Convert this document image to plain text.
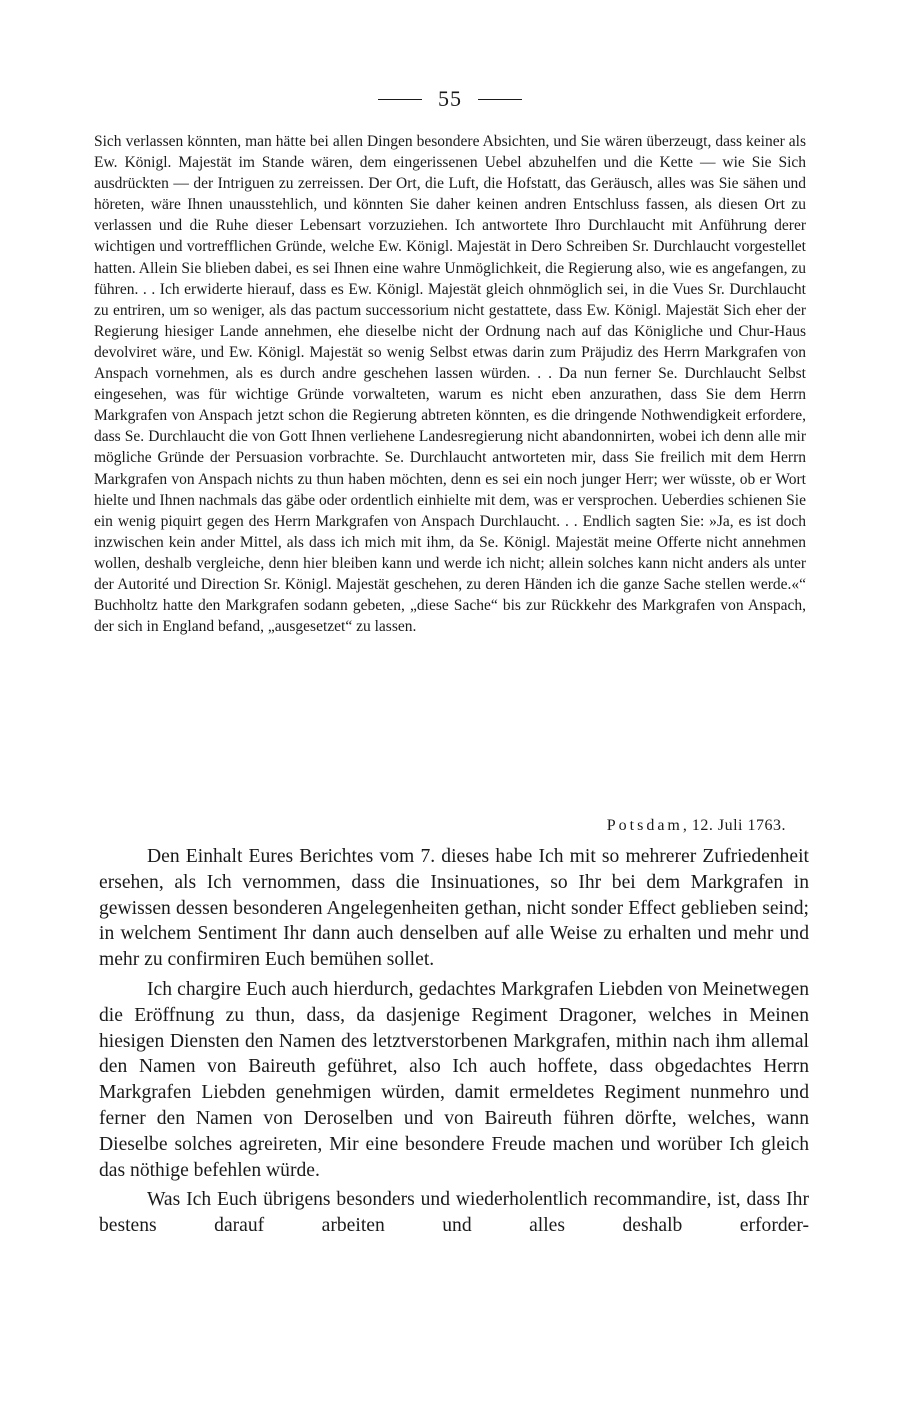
55

Sich verlassen könnten, man hätte bei allen Dingen besondere Absichten, und Sie wären überzeugt, dass keiner als Ew. Königl. Majestät im Stande wären, dem eingerissenen Uebel abzuhelfen und die Kette — wie Sie Sich ausdrückten — der Intriguen zu zerreissen. Der Ort, die Luft, die Hofstatt, das Geräusch, alles was Sie sähen und höreten, wäre Ihnen unausstehlich, und könnten Sie daher keinen andren Entschluss fassen, als diesen Ort zu verlassen und die Ruhe dieser Lebensart vorzuziehen. Ich antwortete Ihro Durchlaucht mit Anführung derer wichtigen und vortrefflichen Gründe, welche Ew. Königl. Majestät in Dero Schreiben Sr. Durchlaucht vorgestellet hatten. Allein Sie blieben dabei, es sei Ihnen eine wahre Unmöglichkeit, die Regierung also, wie es angefangen, zu führen. . . Ich erwiderte hierauf, dass es Ew. Königl. Majestät gleich ohnmöglich sei, in die Vues Sr. Durchlaucht zu entriren, um so weniger, als das pactum successorium nicht gestattete, dass Ew. Königl. Majestät Sich eher der Regierung hiesiger Lande annehmen, ehe dieselbe nicht der Ordnung nach auf das Königliche und Chur-Haus devolviret wäre, und Ew. Königl. Majestät so wenig Selbst etwas darin zum Präjudiz des Herrn Markgrafen von Anspach vornehmen, als es durch andre geschehen lassen würden. . . Da nun ferner Se. Durchlaucht Selbst eingesehen, was für wichtige Gründe vorwalteten, warum es nicht eben anzurathen, dass Sie dem Herrn Markgrafen von Anspach jetzt schon die Regierung abtreten könnten, es die dringende Nothwendigkeit erfordere, dass Se. Durchlaucht die von Gott Ihnen verliehene Landesregierung nicht abandonnirten, wobei ich denn alle mir mögliche Gründe der Persuasion vorbrachte. Se. Durchlaucht antworteten mir, dass Sie freilich mit dem Herrn Markgrafen von Anspach nichts zu thun haben möchten, denn es sei ein noch junger Herr; wer wüsste, ob er Wort hielte und Ihnen nachmals das gäbe oder ordentlich einhielte mit dem, was er versprochen. Ueberdies schienen Sie ein wenig piquirt gegen des Herrn Markgrafen von Anspach Durchlaucht. . . Endlich sagten Sie: »Ja, es ist doch inzwischen kein ander Mittel, als dass ich mich mit ihm, da Se. Königl. Majestät meine Offerte nicht annehmen wollen, deshalb vergleiche, denn hier bleiben kann und werde ich nicht; allein solches kann nicht anders als unter der Autorité und Direction Sr. Königl. Majestät geschehen, zu deren Händen ich die ganze Sache stellen werde.«“ Buchholtz hatte den Markgrafen sodann gebeten, „diese Sache“ bis zur Rückkehr des Markgrafen von Anspach, der sich in England befand, „ausgesetzet“ zu lassen.

Potsdam, 12. Juli 1763.

Den Einhalt Eures Berichtes vom 7. dieses habe Ich mit so mehrerer Zufriedenheit ersehen, als Ich vernommen, dass die Insinuationes, so Ihr bei dem Markgrafen in gewissen dessen besonderen Angelegenheiten gethan, nicht sonder Effect geblieben seind; in welchem Sentiment Ihr dann auch denselben auf alle Weise zu erhalten und mehr und mehr zu confirmiren Euch bemühen sollet.

Ich chargire Euch auch hierdurch, gedachtes Markgrafen Liebden von Meinetwegen die Eröffnung zu thun, dass, da dasjenige Regiment Dragoner, welches in Meinen hiesigen Diensten den Namen des letztverstorbenen Markgrafen, mithin nach ihm allemal den Namen von Baireuth geführet, also Ich auch hoffete, dass obgedachtes Herrn Markgrafen Liebden genehmigen würden, damit ermeldetes Regiment nunmehro und ferner den Namen von Deroselben und von Baireuth führen dörfte, welches, wann Dieselbe solches agreireten, Mir eine besondere Freude machen und worüber Ich gleich das nöthige befehlen würde.

Was Ich Euch übrigens besonders und wiederholentlich recommandire, ist, dass Ihr bestens darauf arbeiten und alles deshalb erforder-
